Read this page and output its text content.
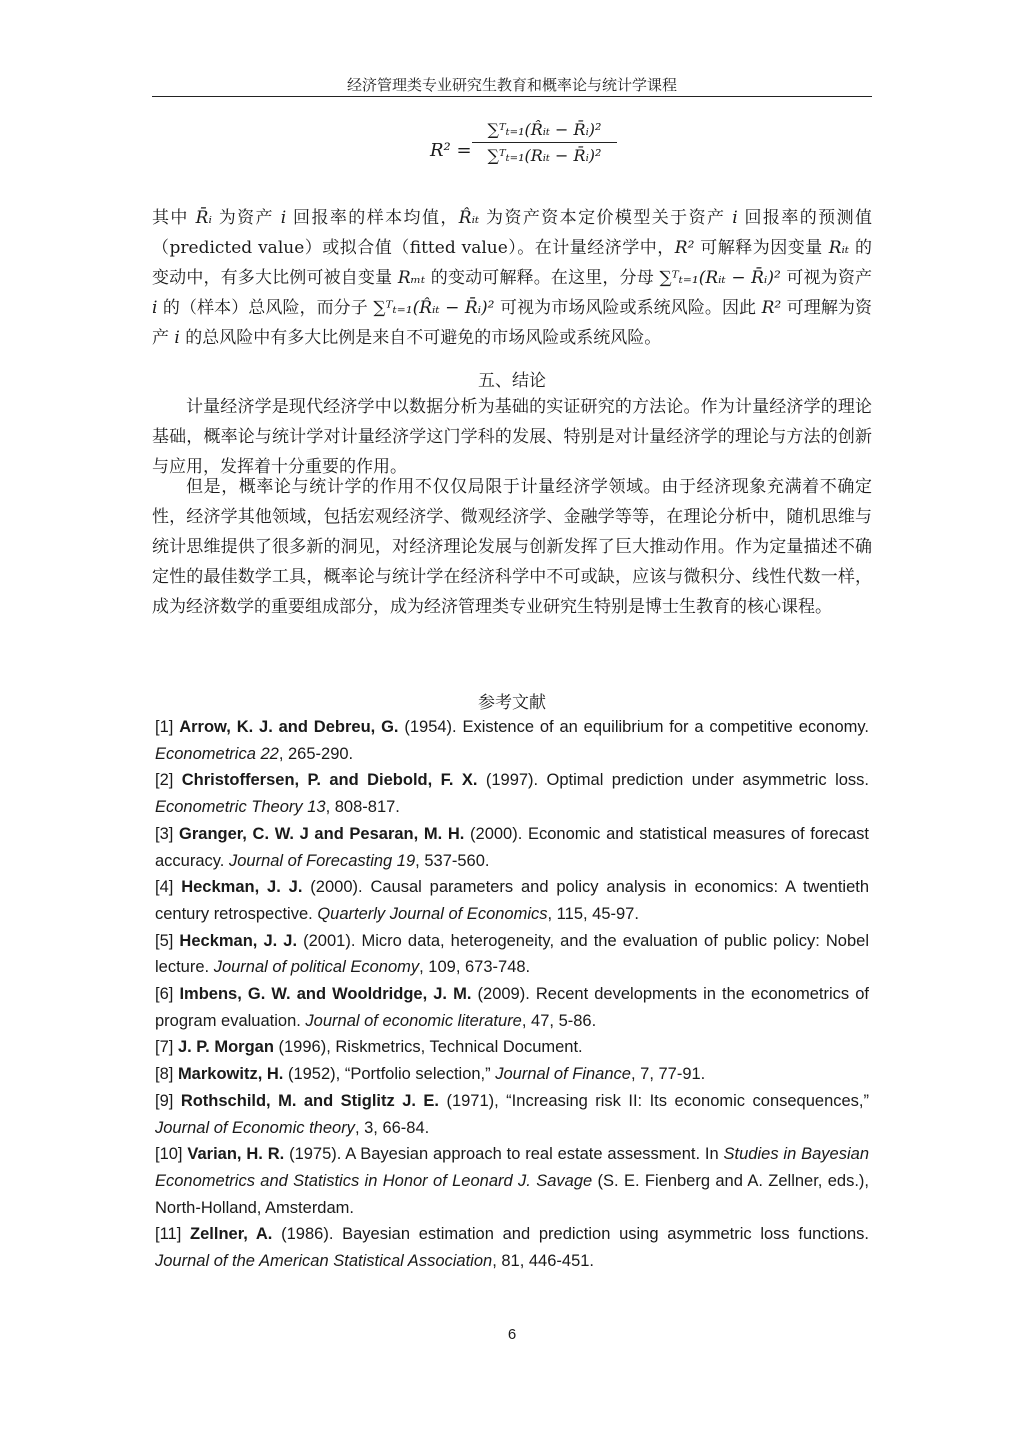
经济管理类专业研究生教育和概率论与统计学课程
R² =
∑ᵀₜ₌₁(R̂ᵢₜ − R̄ᵢ)²
∑ᵀₜ₌₁(Rᵢₜ − R̄ᵢ)²

其中 R̄ᵢ 为资产 i 回报率的样本均值，R̂ᵢₜ 为资产资本定价模型关于资产 i 回报率的预测值（predicted value）或拟合值（fitted value）。在计量经济学中，R² 可解释为因变量 Rᵢₜ 的变动中，有多大比例可被自变量 Rₘₜ 的变动可解释。在这里，分母 ∑ᵀₜ₌₁(Rᵢₜ − R̄ᵢ)² 可视为资产 i 的（样本）总风险，而分子 ∑ᵀₜ₌₁(R̂ᵢₜ − R̄ᵢ)² 可视为市场风险或系统风险。因此 R² 可理解为资产 i 的总风险中有多大比例是来自不可避免的市场风险或系统风险。

五、结论

计量经济学是现代经济学中以数据分析为基础的实证研究的方法论。作为计量经济学的理论基础，概率论与统计学对计量经济学这门学科的发展、特别是对计量经济学的理论与方法的创新与应用，发挥着十分重要的作用。

但是，概率论与统计学的作用不仅仅局限于计量经济学领域。由于经济现象充满着不确定性，经济学其他领域，包括宏观经济学、微观经济学、金融学等等，在理论分析中，随机思维与统计思维提供了很多新的洞见，对经济理论发展与创新发挥了巨大推动作用。作为定量描述不确定性的最佳数学工具，概率论与统计学在经济科学中不可或缺，应该与微积分、线性代数一样，成为经济数学的重要组成部分，成为经济管理类专业研究生特别是博士生教育的核心课程。

参考文献
[1] Arrow, K. J. and Debreu, G. (1954). Existence of an equilibrium for a competitive economy. Econometrica 22, 265-290.
[2] Christoffersen, P. and Diebold, F. X. (1997). Optimal prediction under asymmetric loss. Econometric Theory 13, 808-817.
[3] Granger, C. W. J and Pesaran, M. H. (2000). Economic and statistical measures of forecast accuracy. Journal of Forecasting 19, 537-560.
[4] Heckman, J. J. (2000). Causal parameters and policy analysis in economics: A twentieth century retrospective. Quarterly Journal of Economics, 115, 45-97.
[5] Heckman, J. J. (2001). Micro data, heterogeneity, and the evaluation of public policy: Nobel lecture. Journal of political Economy, 109, 673-748.
[6] Imbens, G. W. and Wooldridge, J. M. (2009). Recent developments in the econometrics of program evaluation. Journal of economic literature, 47, 5-86.
[7] J. P. Morgan (1996), Riskmetrics, Technical Document.
[8] Markowitz, H. (1952), “Portfolio selection,” Journal of Finance, 7, 77-91.
[9] Rothschild, M. and Stiglitz J. E. (1971), “Increasing risk II: Its economic consequences,” Journal of Economic theory, 3, 66-84.
[10] Varian, H. R. (1975). A Bayesian approach to real estate assessment. In Studies in Bayesian Econometrics and Statistics in Honor of Leonard J. Savage (S. E. Fienberg and A. Zellner, eds.), North-Holland, Amsterdam.
[11] Zellner, A. (1986). Bayesian estimation and prediction using asymmetric loss functions. Journal of the American Statistical Association, 81, 446-451.
6
